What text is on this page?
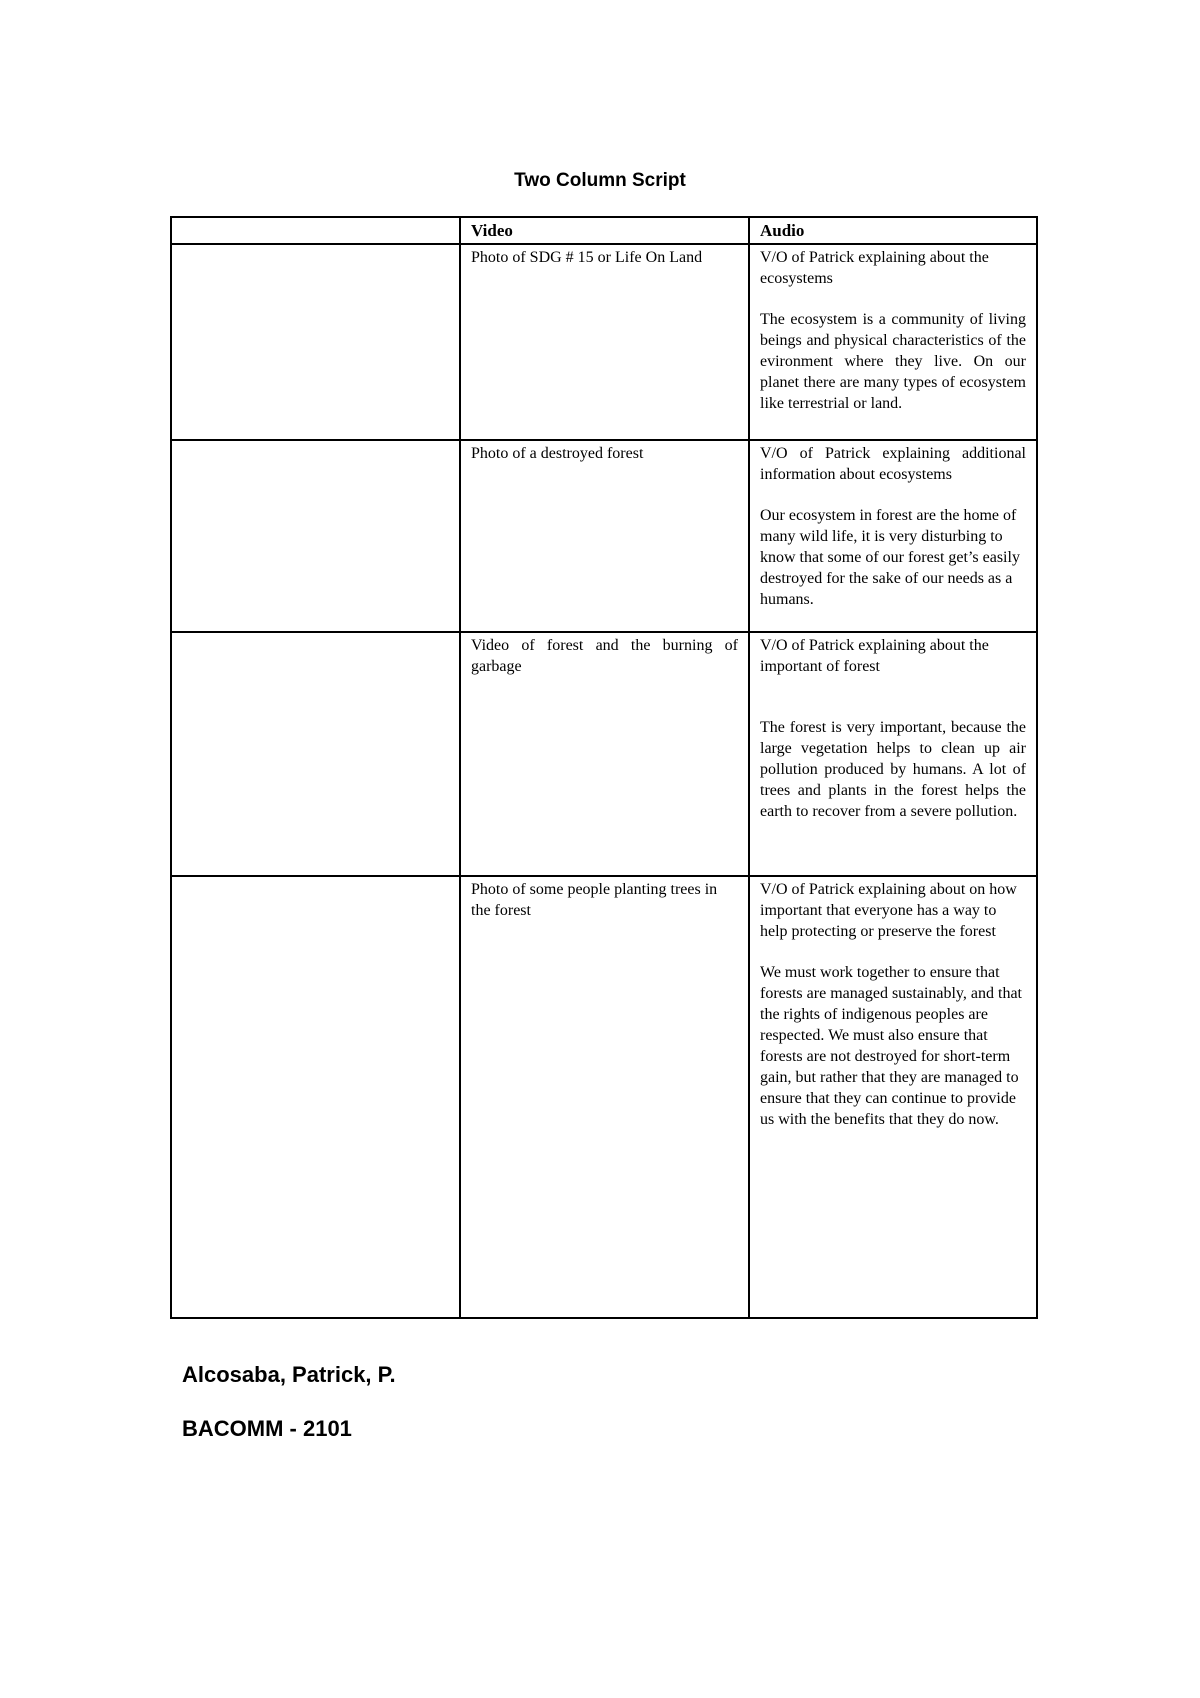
Two Column Script
	Video	Audio

	Photo of SDG # 15 or Life On Land	V/O of Patrick explaining about the ecosystems

The ecosystem is a community of living beings and physical characteristics of the evironment where they live. On our planet there are many types of ecosystem like terrestrial or land.

	Photo of a destroyed forest	V/O of Patrick explaining additional information about ecosystems

Our ecosystem in forest are the home of many wild life, it is very disturbing to know that some of our forest get’s easily destroyed for the sake of our needs as a humans.

	Video of forest and the burning of garbage	V/O of Patrick explaining about the important of forest

The forest is very important, because the large vegetation helps to clean up air pollution produced by humans. A lot of trees and plants in the forest helps the earth to recover from a severe pollution.

	Photo of some people planting trees in the forest	V/O of Patrick explaining about on how important that everyone has a way to help protecting or preserve the forest

We must work together to ensure that forests are managed sustainably, and that the rights of indigenous peoples are respected. We must also ensure that forests are not destroyed for short-term gain, but rather that they are managed to ensure that they can continue to provide us with the benefits that they do now.

Alcosaba, Patrick, P.
BACOMM - 2101
